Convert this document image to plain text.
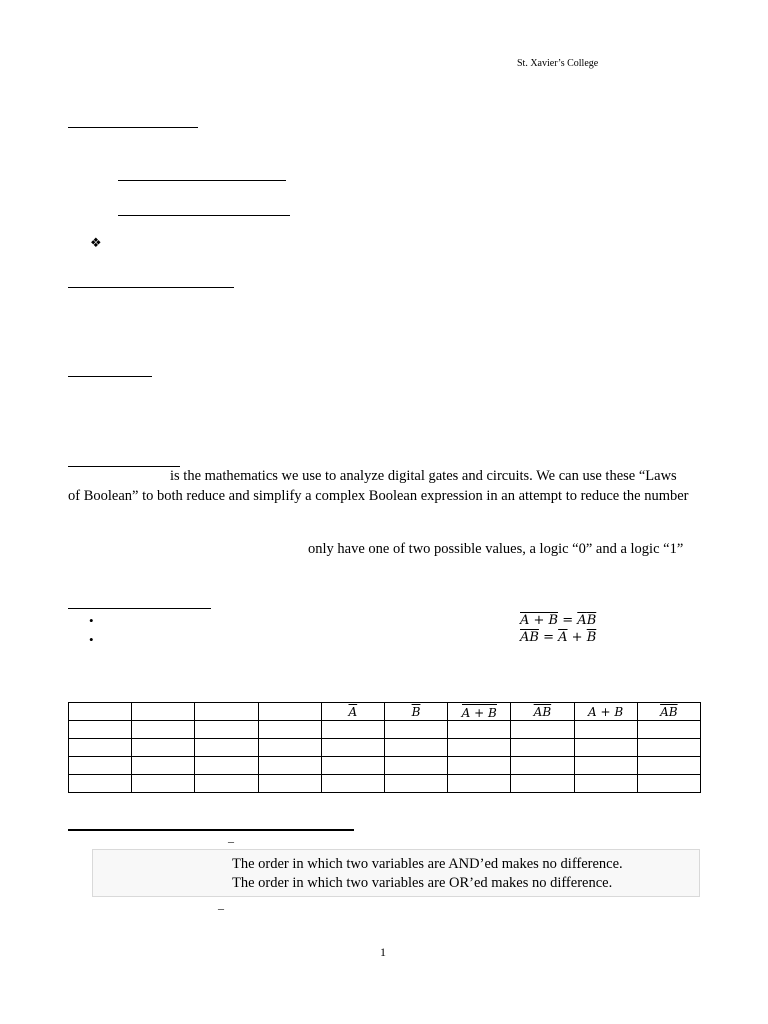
St. Xavier’s College
❖
is the mathematics we use to analyze digital gates and circuits. We can use these “Laws
of Boolean” to both reduce and simplify a complex Boolean expression in an attempt to reduce the number
only have one of two possible values, a logic “0” and a logic “1”
•
•
$A + B = \overline{A}\overline{B}$
$\overline{AB} = \overline{A} + \overline{B}$
				$\overline{A}$	$\overline{B}$	A + B	$\overline{AB}$	A + B	$\overline{AB}$

–
The order in which two variables are AND’ed makes no difference.
The order in which two variables are OR’ed makes no difference.
–
1
